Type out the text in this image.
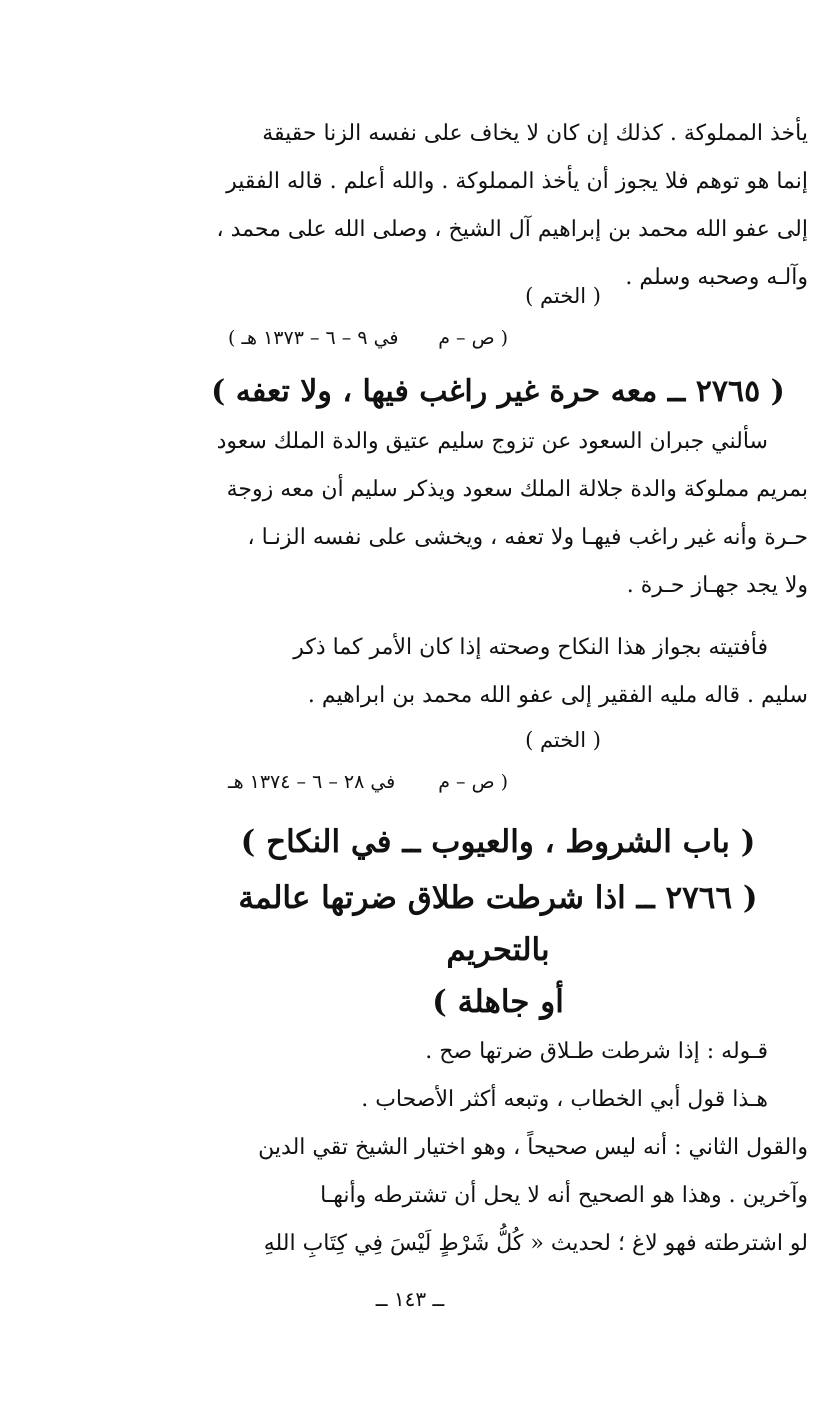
يأخذ المملوكة . كذلك إن كان لا يخاف على نفسه الزنا حقيقة
إنما هو توهم فلا يجوز أن يأخذ المملوكة . والله أعلم . قاله الفقير
إلى عفو الله محمد بن إبراهيم آل الشيخ ، وصلى الله على محمد ،
وآلـه وصحبه وسلم .
( الختم )
( ص – م
في ٩ – ٦ – ١٣٧٣ هـ )
( ٢٧٦٥ ــ معه حرة غير راغب فيها ، ولا تعفه )
سألني جبران السعود عن تزوج سليم عتيق والدة الملك سعود
بمريم مملوكة والدة جلالة الملك سعود ويذكر سليم أن معه زوجة
حـرة وأنه غير راغب فيهـا ولا تعفه ، ويخشى على نفسه الزنـا ،
ولا يجد جهـاز حـرة .
فأفتيته بجواز هذا النكاح وصحته إذا كان الأمر كما ذكر
سليم . قاله مليه الفقير إلى عفو الله محمد بن ابراهيم .
( الختم )
( ص – م
في ٢٨ – ٦ – ١٣٧٤ هـ
( باب الشروط ، والعيوب ــ في النكاح )
( ٢٧٦٦ ــ اذا شرطت طلاق ضرتها عالمة بالتحريم
أو جاهلة )
قـوله : إذا شرطت طـلاق ضرتها صح .
هـذا قول أبي الخطاب ، وتبعه أكثر الأصحاب .
والقول الثاني : أنه ليس صحيحاً ، وهو اختيار الشيخ تقي الدين
وآخرين . وهذا هو الصحيح أنه لا يحل أن تشترطه وأنهـا
لو اشترطته فهو لاغ ؛ لحديث « كُلُّ شَرْطٍ لَيْسَ فِي كِتَابِ اللهِ
ــ ١٤٣ ــ
